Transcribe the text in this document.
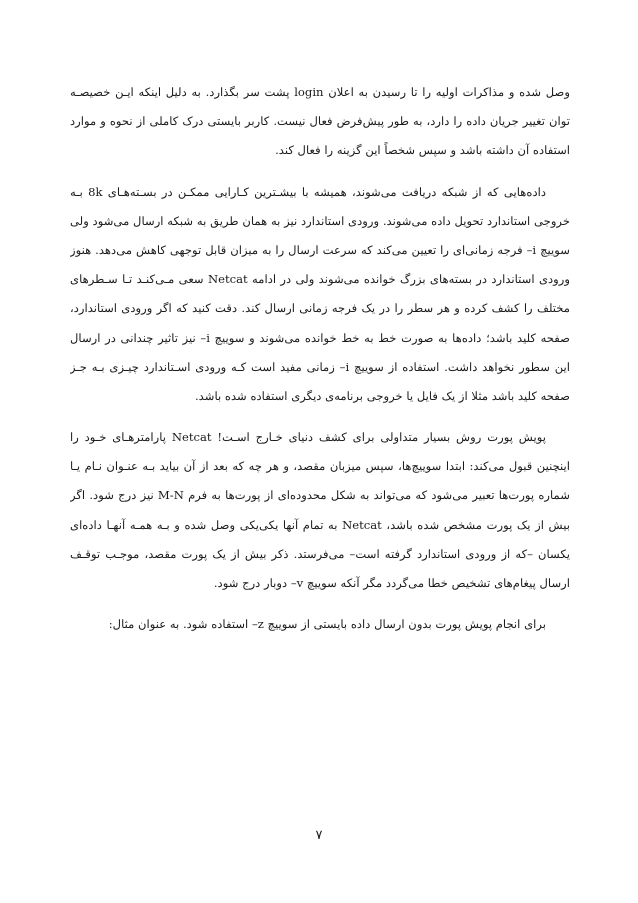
وصل شده و مذاکرات اولیه را تا رسیدن به اعلان login پشت سر بگذارد. به دلیل اینکه ایـن خصیصـه
توان تغییر جریان داده را دارد، به طور پیش‌فرض فعال نیست. کاربر بایستی درک کاملی از نحوه و موارد
استفاده آن داشته باشد و سپس شخصاً این گزینه را فعال کند.
داده‌هایی که از شبکه دریافت می‌شوند، همیشه با بیشـترین کـارایی ممکـن در بسـته‌هـای 8k بـه
خروجی استاندارد تحویل داده می‌شوند. ورودی استاندارد نیز به همان طریق به شبکه ارسال می‌شود ولی
سوییچ i– فرجه زمانی‌ای را تعیین می‌کند که سرعت ارسال را به میزان قابل توجهی کاهش می‌دهد. هنوز
ورودی استاندارد در بسته‌های بزرگ خوانده می‌شوند ولی در ادامه Netcat سعی مـی‌کنـد تـا سـطرهای
مختلف را کشف کرده و هر سطر را در یک فرجه زمانی ارسال کند. دقت کنید که اگر ورودی استاندارد،
صفحه کلید باشد؛ داده‌ها به صورت خط به خط خوانده می‌شوند و سوییچ i– نیز تاثیر چندانی در ارسال
این سطور نخواهد داشت. استفاده از سوییچ i– زمانی مفید است کـه ورودی اسـتاندارد چیـزی بـه جـز
صفحه کلید باشد مثلا از یک فایل یا خروجی برنامه‌ی دیگری استفاده شده باشد.
پویش پورت روش بسیار متداولی برای کشف دنیای خـارج اسـت! Netcat پارامترهـای خـود را
اینچنین قبول می‌کند: ابتدا سوییچ‌ها، سپس میزبان مقصد، و هر چه که بعد از آن بیاید بـه عنـوان نـام یـا
شماره پورت‌ها تعبیر می‌شود که می‌تواند به شکل محدوده‌ای از پورت‌ها به فرم M-N نیز درج شود. اگر
بیش از یک پورت مشخص شده باشد، Netcat به تمام آنها یکی‌یکی وصل شده و بـه همـه آنهـا داده‌ای
یکسان –که از ورودی استاندارد گرفته است– می‌فرستد. ذکر بیش از یک پورت مقصد، موجـب توقـف
ارسال پیغام‌های تشخیص خطا می‌گردد مگر آنکه سوییچ v– دوبار درج شود.
برای انجام پویش پورت بدون ارسال داده بایستی از سوییچ z– استفاده شود. به عنوان مثال:
۷
